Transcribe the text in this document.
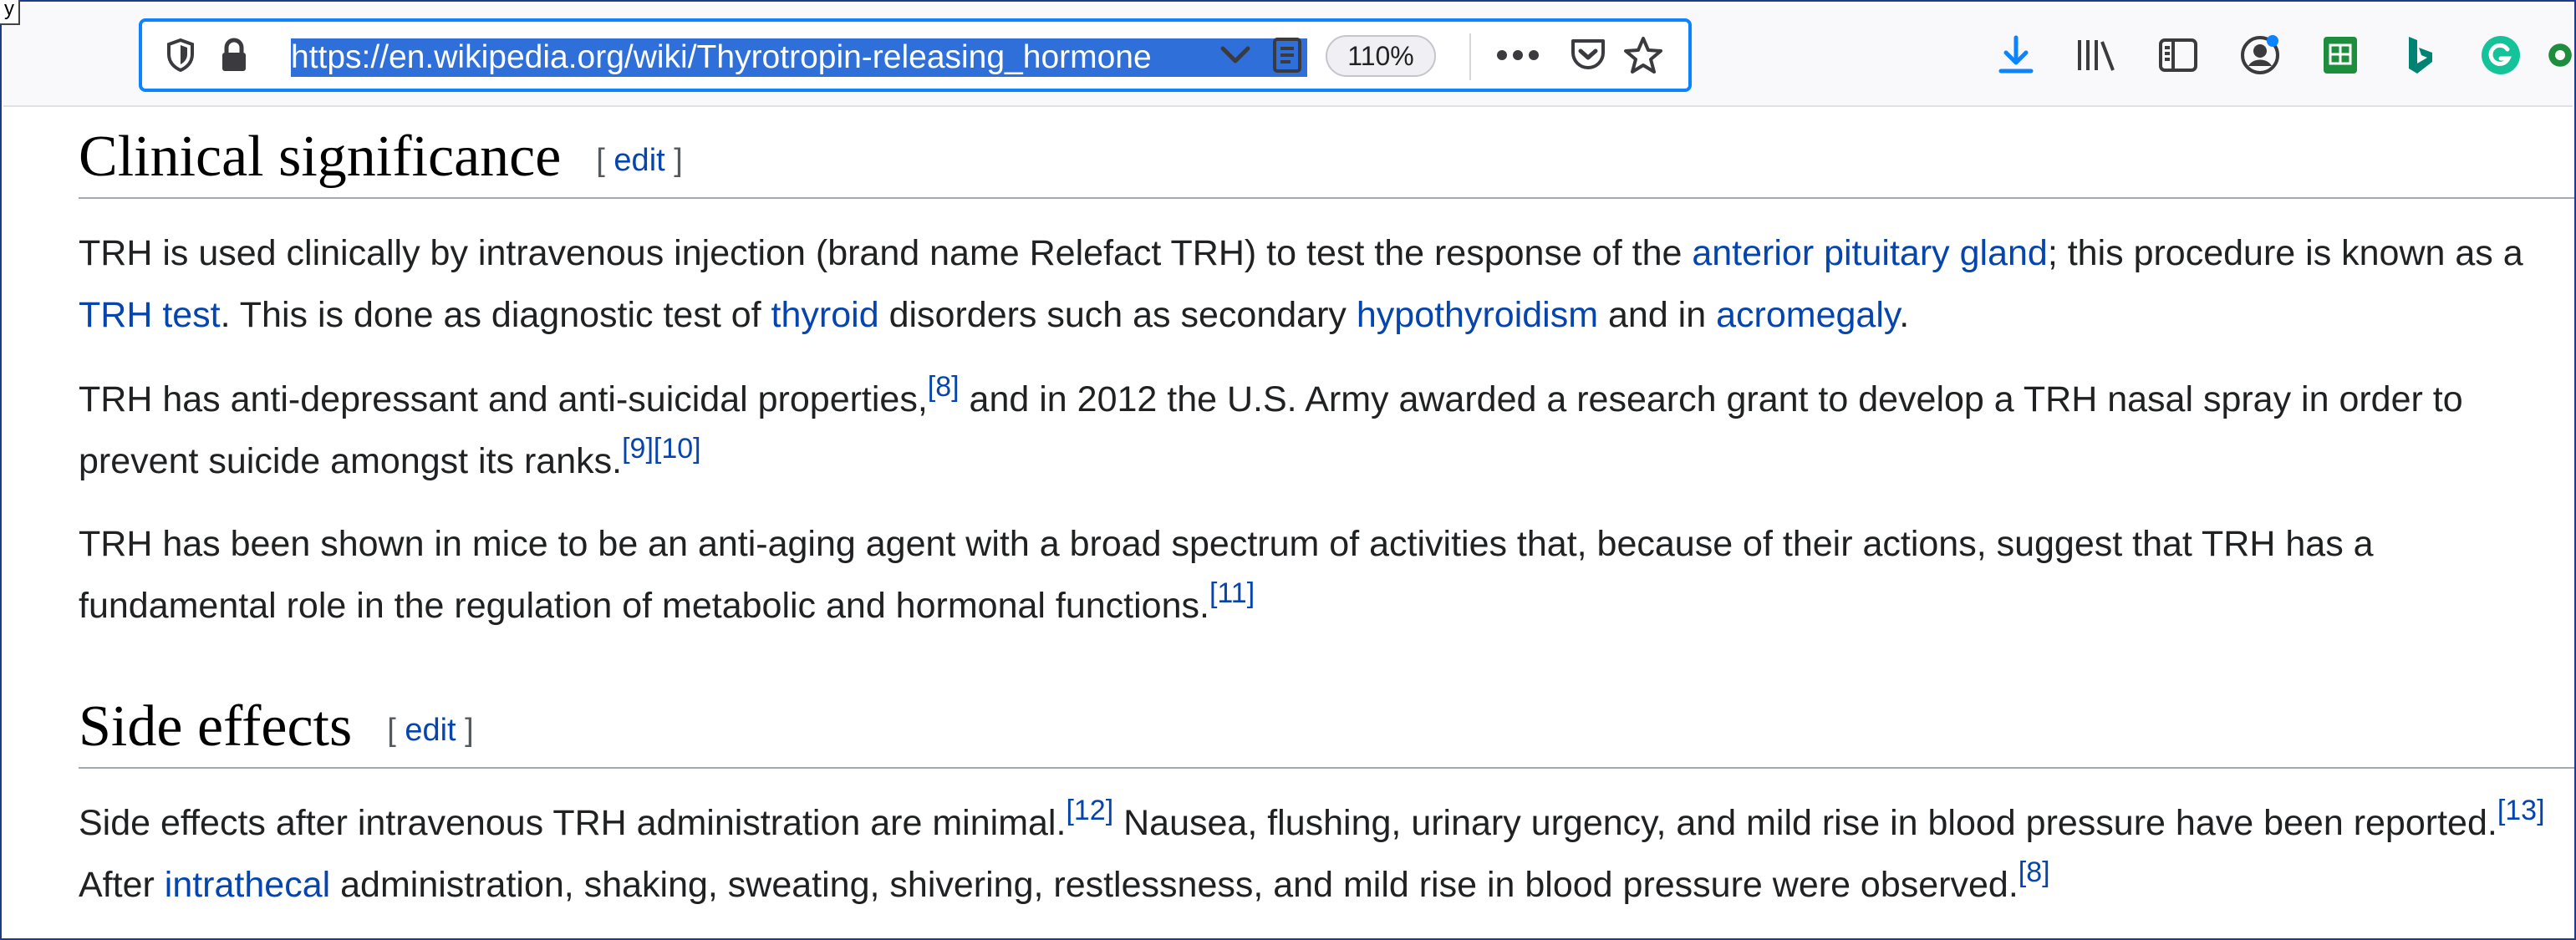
https://en.wikipedia.org/wiki/Thyrotropin-releasing_hormone	110%
y
Clinical significance [ edit ]

TRH is used clinically by intravenous injection (brand name Relefact TRH) to test the response of the anterior pituitary gland; this procedure is known as a TRH test. This is done as diagnostic test of thyroid disorders such as secondary hypothyroidism and in acromegaly.

TRH has anti-depressant and anti-suicidal properties,[8] and in 2012 the U.S. Army awarded a research grant to develop a TRH nasal spray in order to prevent suicide amongst its ranks.[9][10]

TRH has been shown in mice to be an anti-aging agent with a broad spectrum of activities that, because of their actions, suggest that TRH has a fundamental role in the regulation of metabolic and hormonal functions.[11]

Side effects [ edit ]

Side effects after intravenous TRH administration are minimal.[12] Nausea, flushing, urinary urgency, and mild rise in blood pressure have been reported.[13] After intrathecal administration, shaking, sweating, shivering, restlessness, and mild rise in blood pressure were observed.[8]
